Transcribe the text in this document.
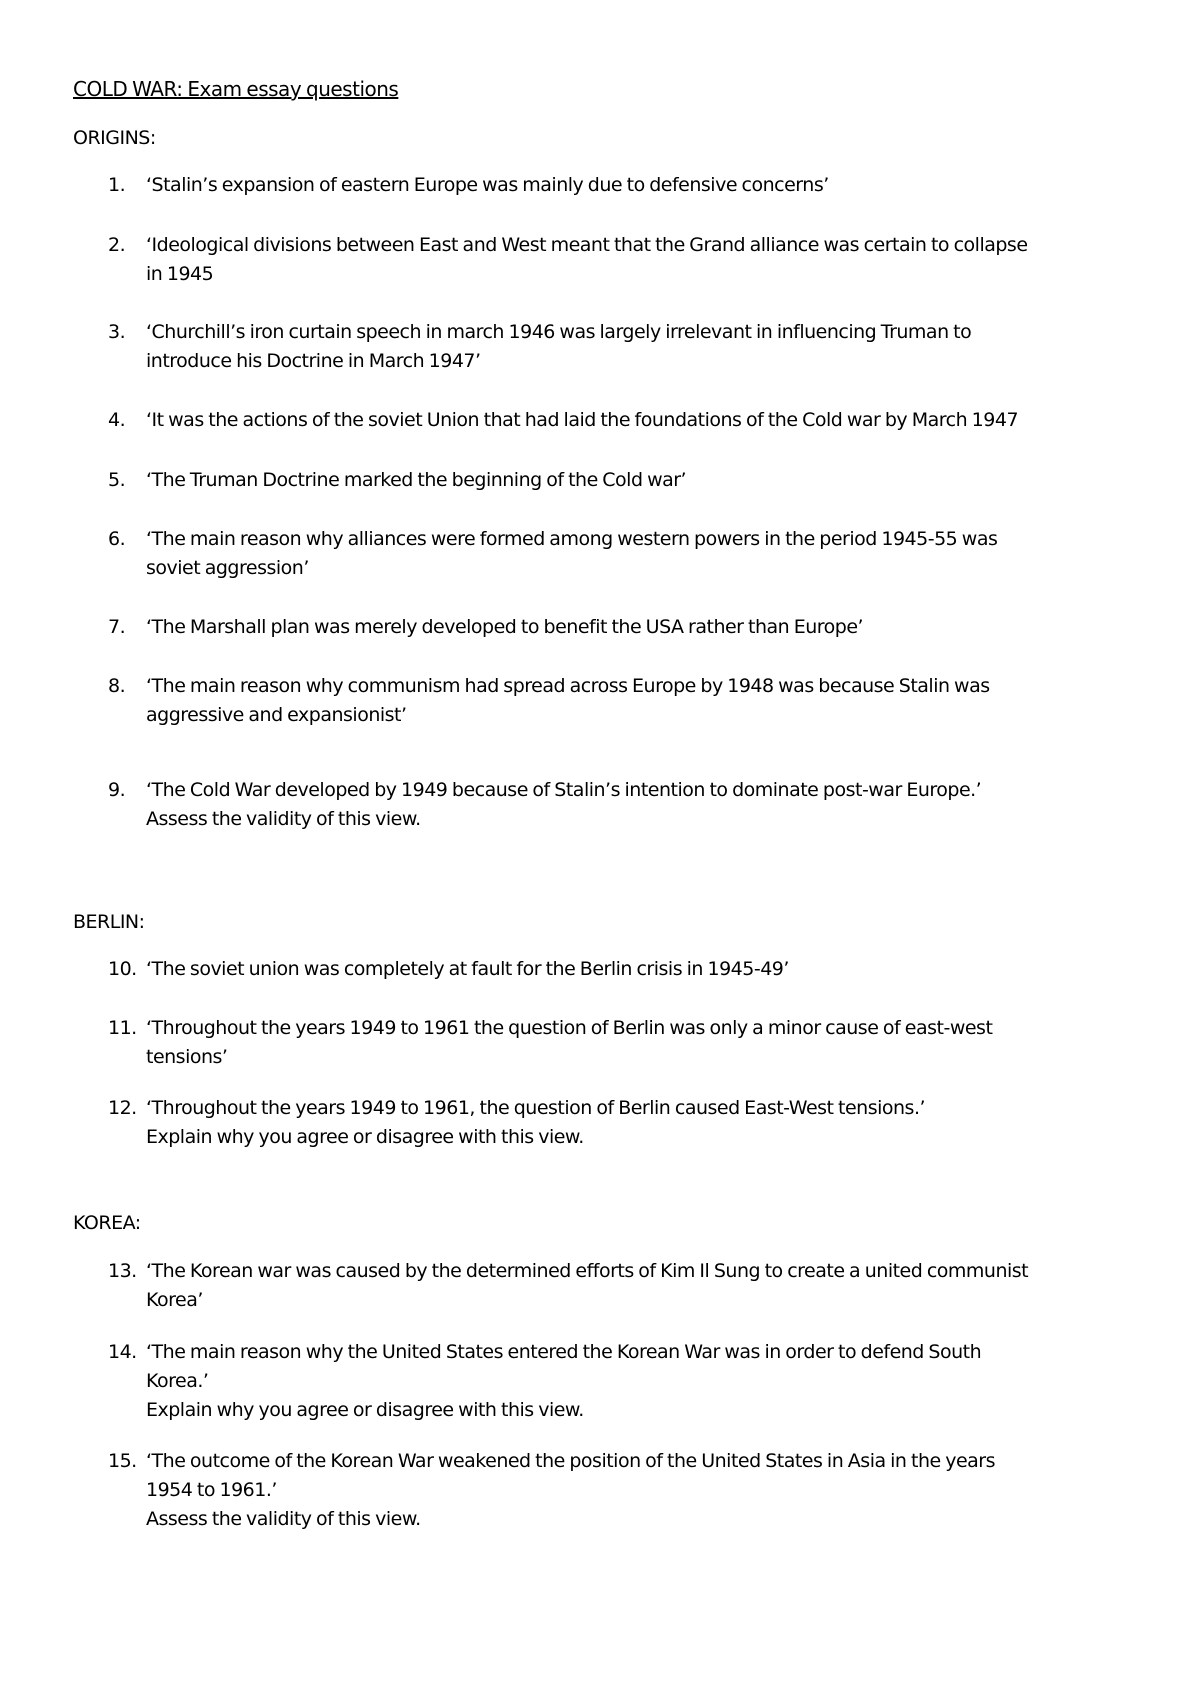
COLD WAR: Exam essay questions
ORIGINS:
1.	‘Stalin’s expansion of eastern Europe was mainly due to defensive concerns’
2.	‘Ideological divisions between East and West meant that the Grand alliance was certain to collapse
in 1945
3.	‘Churchill’s iron curtain speech in march 1946 was largely irrelevant in influencing Truman to
introduce his Doctrine in March 1947’
4.	‘It was the actions of the soviet Union that had laid the foundations of the Cold war by March 1947
5.	‘The Truman Doctrine marked the beginning of the Cold war’
6.	‘The main reason why alliances were formed among western powers in the period 1945-55 was
soviet aggression’
7.	‘The Marshall plan was merely developed to benefit the USA rather than Europe’
8.	‘The main reason why communism had spread across Europe by 1948 was because Stalin was
aggressive and expansionist’
9.	‘The Cold War developed by 1949 because of Stalin’s intention to dominate post-war Europe.’
Assess the validity of this view.
BERLIN:
10. ‘The soviet union was completely at fault for the Berlin crisis in 1945-49’
11. ‘Throughout the years 1949 to 1961 the question of Berlin was only a minor cause of east-west
tensions’
12. ‘Throughout the years 1949 to 1961, the question of Berlin caused East-West tensions.’
Explain why you agree or disagree with this view.
KOREA:
13. ‘The Korean war was caused by the determined efforts of Kim Il Sung to create a united communist
Korea’
14. ‘The main reason why the United States entered the Korean War was in order to defend South
Korea.’
Explain why you agree or disagree with this view.
15. ‘The outcome of the Korean War weakened the position of the United States in Asia in the years
1954 to 1961.’
Assess the validity of this view.
